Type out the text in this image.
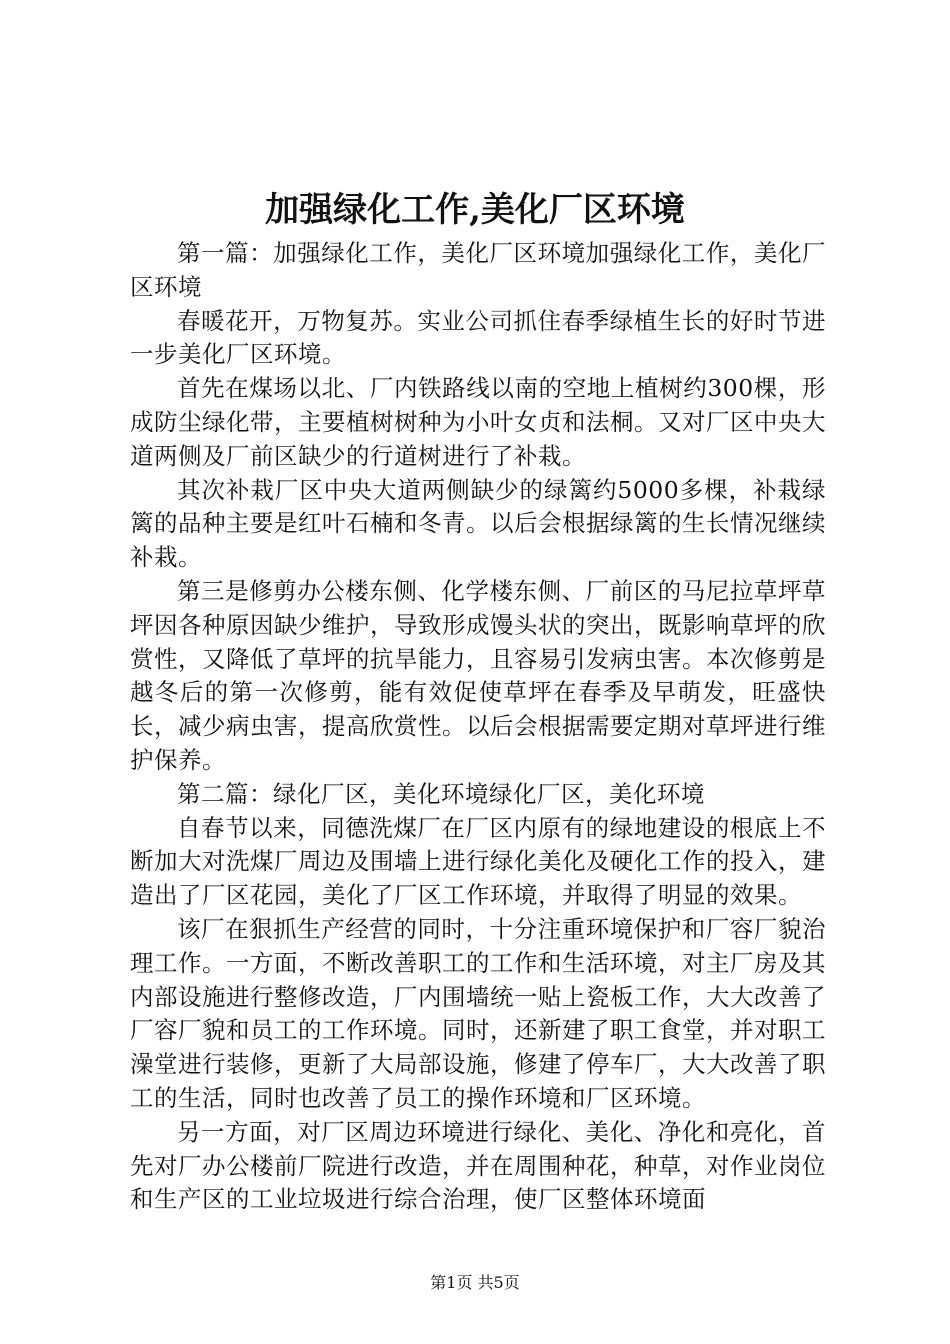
加强绿化工作,美化厂区环境

第一篇：加强绿化工作，美化厂区环境加强绿化工作，美化厂区环境

春暖花开，万物复苏。实业公司抓住春季绿植生长的好时节进一步美化厂区环境。

首先在煤场以北、厂内铁路线以南的空地上植树约300棵，形成防尘绿化带，主要植树树种为小叶女贞和法桐。又对厂区中央大道两侧及厂前区缺少的行道树进行了补栽。

其次补栽厂区中央大道两侧缺少的绿篱约5000多棵，补栽绿篱的品种主要是红叶石楠和冬青。以后会根据绿篱的生长情况继续补栽。

第三是修剪办公楼东侧、化学楼东侧、厂前区的马尼拉草坪草坪因各种原因缺少维护，导致形成馒头状的突出，既影响草坪的欣赏性，又降低了草坪的抗旱能力，且容易引发病虫害。本次修剪是越冬后的第一次修剪，能有效促使草坪在春季及早萌发，旺盛快长，减少病虫害，提高欣赏性。以后会根据需要定期对草坪进行维护保养。

第二篇：绿化厂区，美化环境绿化厂区，美化环境

自春节以来，同德洗煤厂在厂区内原有的绿地建设的根底上不断加大对洗煤厂周边及围墙上进行绿化美化及硬化工作的投入，建造出了厂区花园，美化了厂区工作环境，并取得了明显的效果。

该厂在狠抓生产经营的同时，十分注重环境保护和厂容厂貌治理工作。一方面，不断改善职工的工作和生活环境，对主厂房及其内部设施进行整修改造，厂内围墙统一贴上瓷板工作，大大改善了厂容厂貌和员工的工作环境。同时，还新建了职工食堂，并对职工澡堂进行装修，更新了大局部设施，修建了停车厂，大大改善了职工的生活，同时也改善了员工的操作环境和厂区环境。

另一方面，对厂区周边环境进行绿化、美化、净化和亮化，首先对厂办公楼前厂院进行改造，并在周围种花，种草，对作业岗位和生产区的工业垃圾进行综合治理，使厂区整体环境面

第1页 共5页
